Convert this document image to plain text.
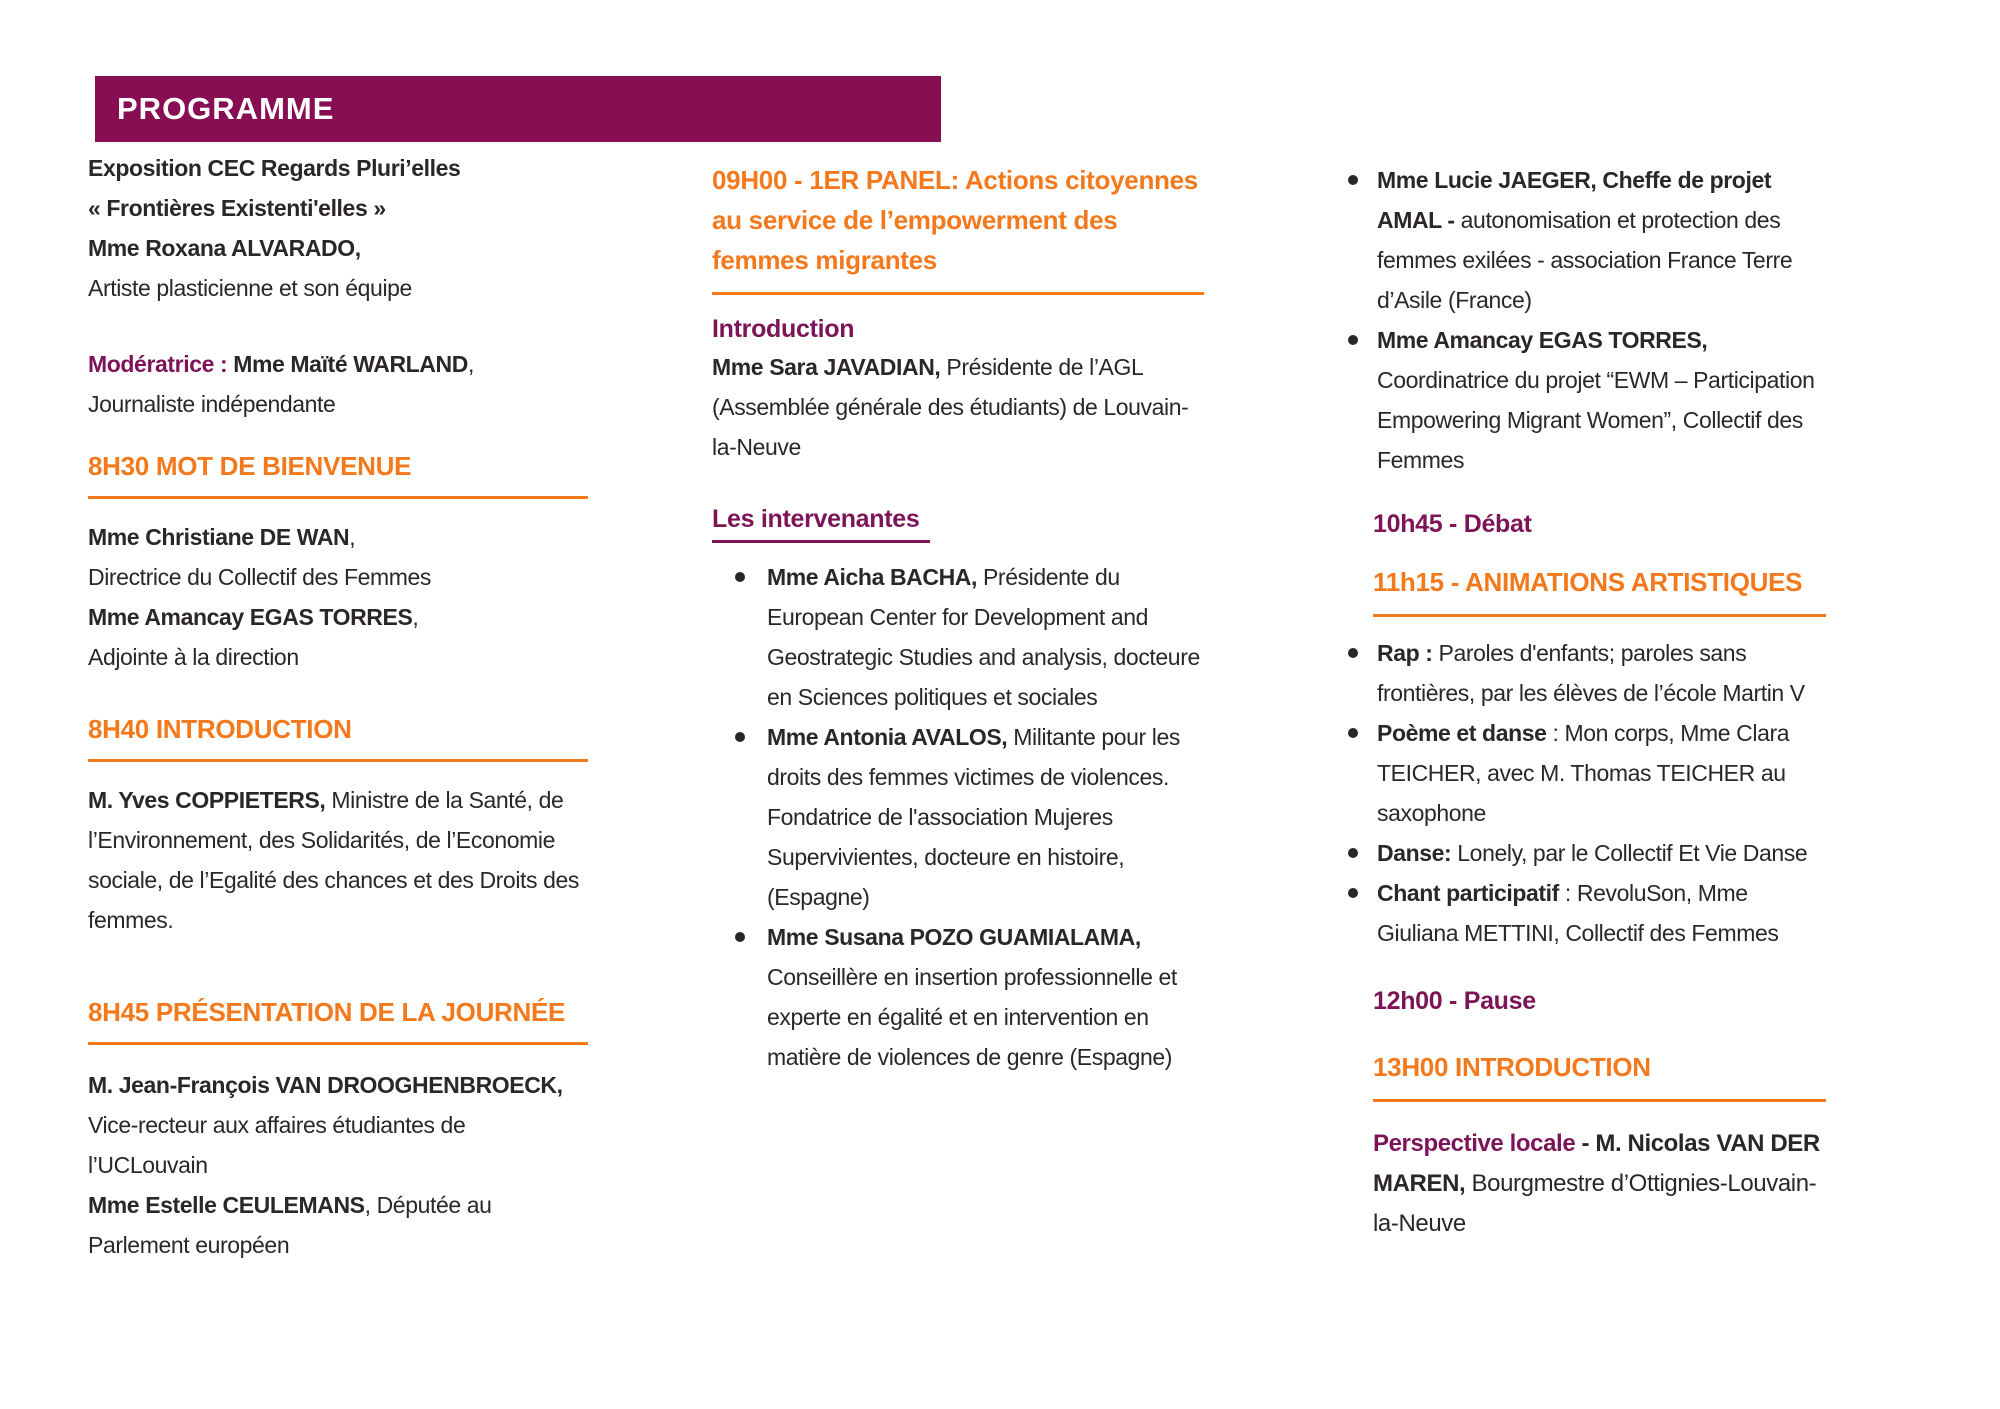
PROGRAMME

Exposition CEC Regards Pluri’elles
« Frontières Existenti'elles »
Mme Roxana ALVARADO,
Artiste plasticienne et son équipe

Modératrice : Mme Maïté WARLAND,
Journaliste indépendante

8H30 MOT DE BIENVENUE

Mme Christiane DE WAN,
Directrice du Collectif des Femmes
Mme Amancay EGAS TORRES,
Adjointe à la direction

8H40 INTRODUCTION

M. Yves COPPIETERS, Ministre de la Santé, de l’Environnement, des Solidarités, de l’Economie sociale, de l’Egalité des chances et des Droits des femmes.

8H45 PRÉSENTATION DE LA JOURNÉE

M. Jean-François VAN DROOGHENBROECK, Vice-recteur aux affaires étudiantes de l’UCLouvain
Mme Estelle CEULEMANS, Députée au Parlement européen

09H00 - 1ER PANEL: Actions citoyennes au service de l’empowerment des femmes migrantes

Introduction

Mme Sara JAVADIAN, Présidente de l’AGL (Assemblée générale des étudiants) de Louvain-la-Neuve

Les intervenantes

Mme Aicha BACHA, Présidente du European Center for Development and Geostrategic Studies and analysis, docteure en Sciences politiques et sociales
Mme Antonia AVALOS, Militante pour les droits des femmes victimes de violences. Fondatrice de l'association Mujeres Supervivientes, docteure en histoire, (Espagne)
Mme Susana POZO GUAMIALAMA, Conseillère en insertion professionnelle et experte en égalité et en intervention en matière de violences de genre (Espagne)
Mme Lucie JAEGER, Cheffe de projet AMAL - autonomisation et protection des femmes exilées - association France Terre d’Asile (France)
Mme Amancay EGAS TORRES, Coordinatrice du projet “EWM – Participation Empowering Migrant Women”, Collectif des Femmes

10h45 - Débat

11h15 - ANIMATIONS ARTISTIQUES
Rap : Paroles d'enfants; paroles sans frontières, par les élèves de l’école Martin V
Poème et danse : Mon corps, Mme Clara TEICHER, avec M. Thomas TEICHER au saxophone
Danse: Lonely, par le Collectif Et Vie Danse
Chant participatif : RevoluSon, Mme Giuliana METTINI, Collectif des Femmes

12h00 - Pause

13H00 INTRODUCTION

Perspective locale - M. Nicolas VAN DER MAREN, Bourgmestre d’Ottignies-Louvain-la-Neuve
